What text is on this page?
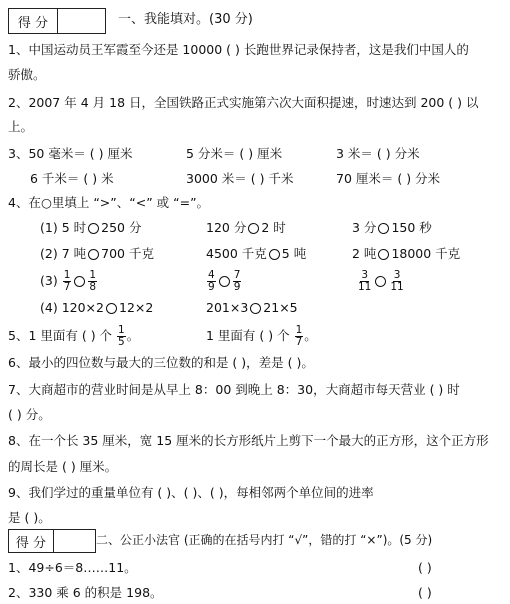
得 分	一、我能填对。(30 分)
1、中国运动员王军霞至今还是 10000 ( ) 长跑世界记录保持者，这是我们中国人的
骄傲。
2、2007 年 4 月 18 日，全国铁路正式实施第六次大面积提速，时速达到 200 ( ) 以
上。
3、50 毫米＝ ( ) 厘米	5 分米＝ ( ) 厘米	3 米＝ ( ) 分米
6 千米＝ ( ) 米	3000 米＝ ( ) 千米	70 厘米＝ ( ) 分米
4、在○里填上 “>”、“<” 或 “=”。
(1) 5 时 250 分	120 分 2 时	3 分 150 秒
(2) 7 吨 700 千克	4500 千克 5 吨	2 吨 18000 千克
$(3) \frac{1}{7} \frac{1}{8}$	$\frac{4}{9} \frac{7}{9}$	$\frac{3}{11} \frac{3}{11}$
(4) 120×2 12×2	201×3 21×5
5、1 里面有 ( ) 个 $\frac{1}{5}$ 。	1 里面有 ( ) 个 $\frac{1}{7}$ 。
6、最小的四位数与最大的三位数的和是 ( )，差是 ( )。
7、大商超市的营业时间是从早上 8：00 到晚上 8：30，大商超市每天营业 ( ) 时
( ) 分。
8、在一个长 35 厘米，宽 15 厘米的长方形纸片上剪下一个最大的正方形，这个正方形
的周长是 ( ) 厘米。
9、我们学过的重量单位有 ( )、( )、( )，每相邻两个单位间的进率
是 ( )。
得 分	二、公正小法官 (正确的在括号内打 “√”，错的打 “×”)。(5 分)
1、49÷6＝8……11。	( )
2、330 乘 6 的积是 198。	( )
